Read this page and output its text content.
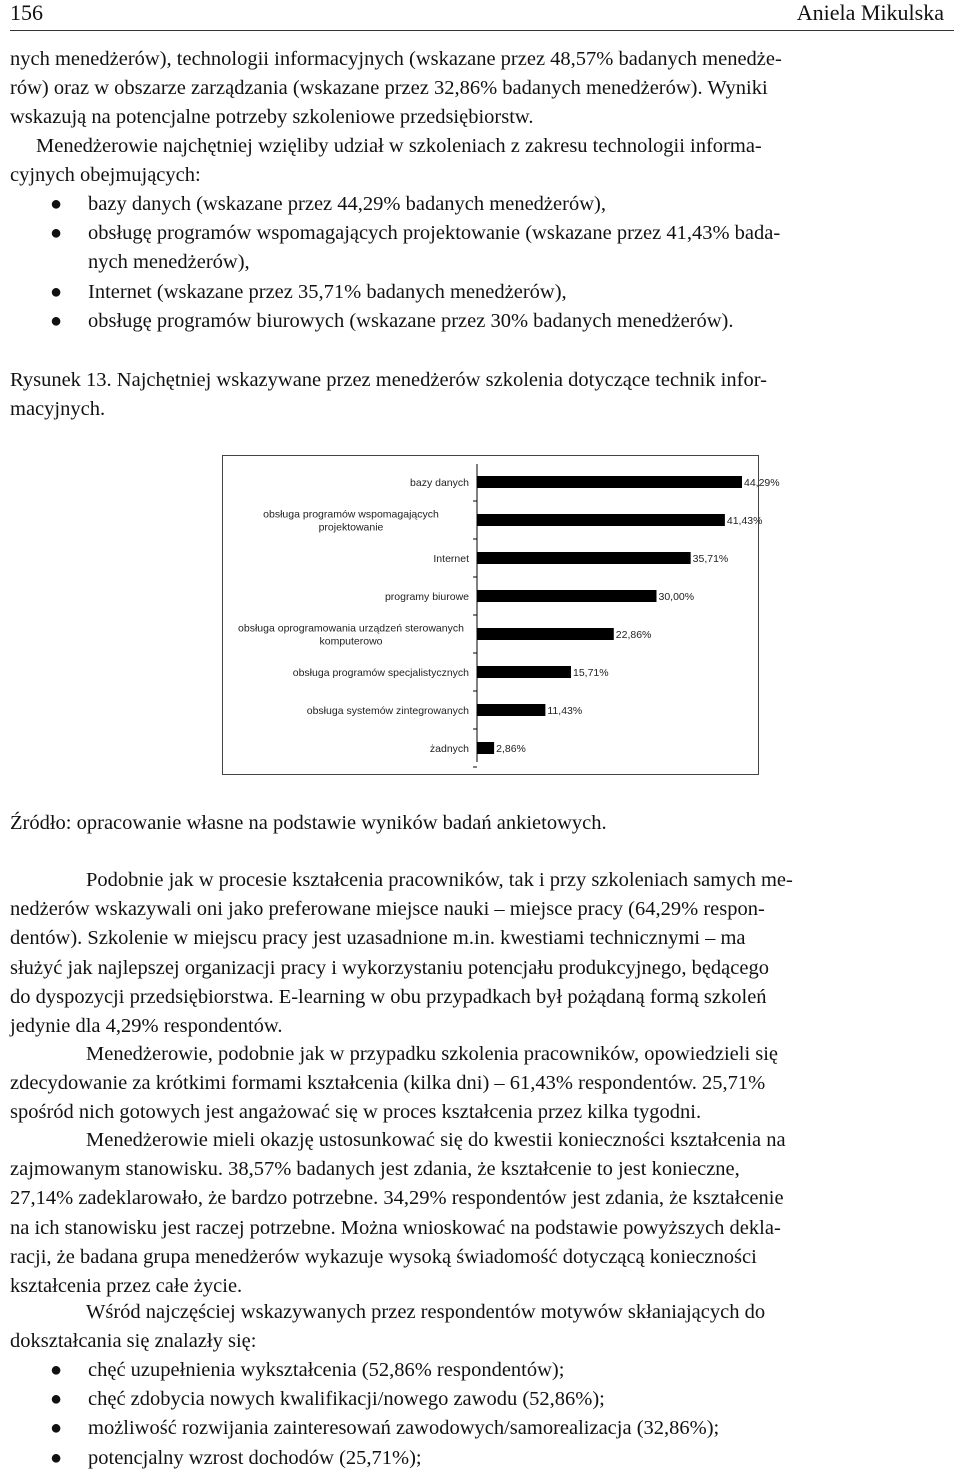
156	Aniela Mikulska
nych menedżerów), technologii informacyjnych (wskazane przez 48,57% badanych menedże-
rów) oraz w obszarze zarządzania (wskazane przez 32,86% badanych menedżerów). Wyniki
wskazują na potencjalne potrzeby szkoleniowe przedsiębiorstw.
Menedżerowie najchętniej wzięliby udział w szkoleniach z zakresu technologii informa-
cyjnych obejmujących:
● bazy danych (wskazane przez 44,29% badanych menedżerów),
● obsługę programów wspomagających projektowanie (wskazane przez 41,43% bada-
nych menedżerów),
● Internet (wskazane przez 35,71% badanych menedżerów),
● obsługę programów biurowych (wskazane przez 30% badanych menedżerów).
Rysunek 13. Najchętniej wskazywane przez menedżerów szkolenia dotyczące technik infor-
macyjnych.
bazy danych	44,29%
obsługa programów wspomagających projektowanie
41,43%
Internet	35,71%
programy biurowe	30,00%
obsługa oprogramowania urządzeń sterowanych komputerowo
22,86%
obsługa programów specjalistycznych	15,71%
obsługa systemów zintegrowanych	11,43%
żadnych	2,86%
Źródło: opracowanie własne na podstawie wyników badań ankietowych.
Podobnie jak w procesie kształcenia pracowników, tak i przy szkoleniach samych me-
nedżerów wskazywali oni jako preferowane miejsce nauki – miejsce pracy (64,29% respon-
dentów). Szkolenie w miejscu pracy jest uzasadnione m.in. kwestiami technicznymi – ma
służyć jak najlepszej organizacji pracy i wykorzystaniu potencjału produkcyjnego, będącego
do dyspozycji przedsiębiorstwa. E-learning w obu przypadkach był pożądaną formą szkoleń
jedynie dla 4,29% respondentów.
Menedżerowie, podobnie jak w przypadku szkolenia pracowników, opowiedzieli się
zdecydowanie za krótkimi formami kształcenia (kilka dni) – 61,43% respondentów. 25,71%
spośród nich gotowych jest angażować się w proces kształcenia przez kilka tygodni.
Menedżerowie mieli okazję ustosunkować się do kwestii konieczności kształcenia na
zajmowanym stanowisku. 38,57% badanych jest zdania, że kształcenie to jest konieczne,
27,14% zadeklarowało, że bardzo potrzebne. 34,29% respondentów jest zdania, że kształcenie
na ich stanowisku jest raczej potrzebne. Można wnioskować na podstawie powyższych dekla-
racji, że badana grupa menedżerów wykazuje wysoką świadomość dotyczącą konieczności
kształcenia przez całe życie.
Wśród najczęściej wskazywanych przez respondentów motywów skłaniających do
dokształcania się znalazły się:
● chęć uzupełnienia wykształcenia (52,86% respondentów);
● chęć zdobycia nowych kwalifikacji/nowego zawodu (52,86%);
● możliwość rozwijania zainteresowań zawodowych/samorealizacja (32,86%);
● potencjalny wzrost dochodów (25,71%);
